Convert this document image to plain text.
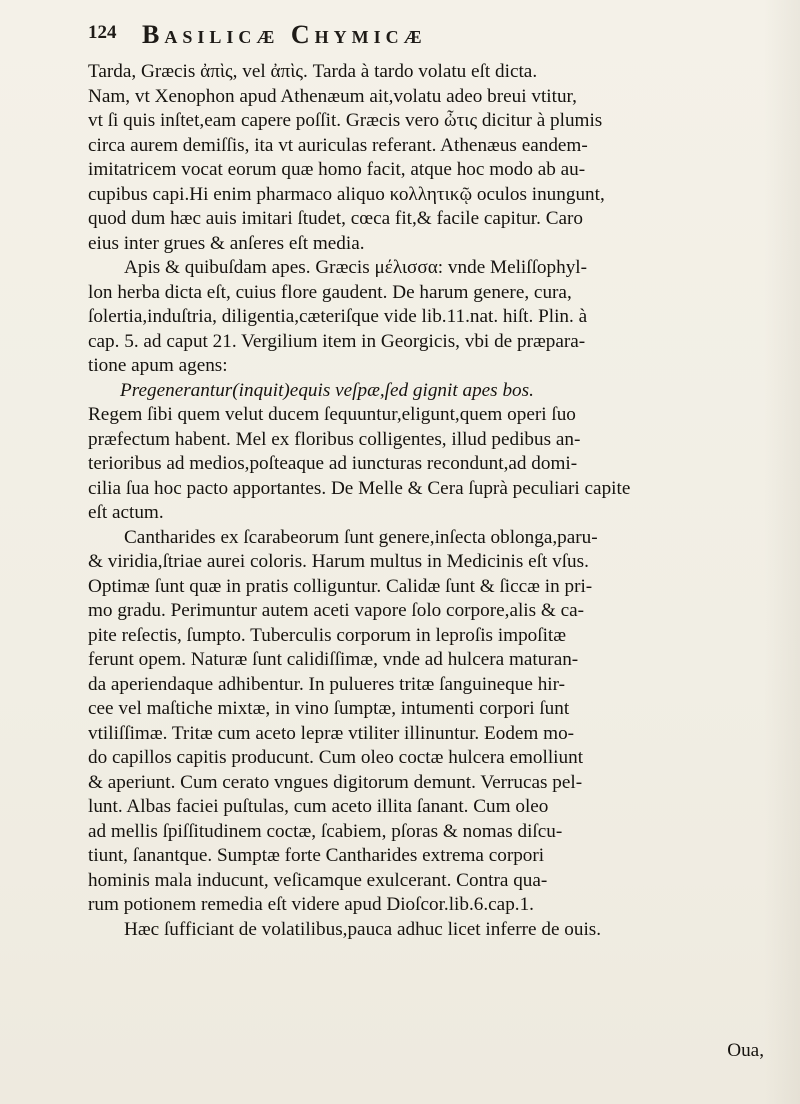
124 Basilicæ Chymicæ
Tarda, Græcis ἀπὶς, vel ἀπὶς. Tarda à tardo volatu eſt dicta.
Nam, vt Xenophon apud Athenæum ait,volatu adeo breui vtitur,
vt ſi quis inſtet,eam capere poſſit. Græcis vero ὦτις dicitur à plumis
circa aurem demiſſis, ita vt auriculas referant. Athenæus eandem-
imitatricem vocat eorum quæ homo facit, atque hoc modo ab au-
cupibus capi.Hi enim pharmaco aliquo κολλητικῷ oculos inungunt,
quod dum hæc auis imitari ſtudet, cœca fit,& facile capitur. Caro
eius inter grues & anſeres eſt media.
Apis & quibuſdam apes. Græcis μέλισσα: vnde Meliſſophyl-
lon herba dicta eſt, cuius flore gaudent. De harum genere, cura,
ſolertia,induſtria, diligentia,cæteriſque vide lib.11.nat. hiſt. Plin. à
cap. 5. ad caput 21. Vergilium item in Georgicis, vbi de præpara-
tione apum agens:
Pregenerantur(inquit)equis veſpæ,ſed gignit apes bos.
Regem ſibi quem velut ducem ſequuntur,eligunt,quem operi ſuo
præfectum habent. Mel ex floribus colligentes, illud pedibus an-
terioribus ad medios,poſteaque ad iuncturas recondunt,ad domi-
cilia ſua hoc pacto apportantes. De Melle & Cera ſuprà peculiari capite
eſt actum.
Cantharides ex ſcarabeorum ſunt genere,inſecta oblonga,paru-
& viridia,ſtriae aurei coloris. Harum multus in Medicinis eſt vſus.
Optimæ ſunt quæ in pratis colliguntur. Calidæ ſunt & ſiccæ in pri-
mo gradu. Perimuntur autem aceti vapore ſolo corpore,alis & ca-
pite reſectis, ſumpto. Tuberculis corporum in leproſis impoſitæ
ferunt opem. Naturæ ſunt calidiſſimæ, vnde ad hulcera maturan-
da aperiendaque adhibentur. In pulueres tritæ ſanguineque hir-
cee vel maſtiche mixtæ, in vino ſumptæ, intumenti corpori ſunt
vtiliſſimæ. Tritæ cum aceto lepræ vtiliter illinuntur. Eodem mo-
do capillos capitis producunt. Cum oleo coctæ hulcera emolliunt
& aperiunt. Cum cerato vngues digitorum demunt. Verrucas pel-
lunt. Albas faciei puſtulas, cum aceto illita ſanant. Cum oleo
ad mellis ſpiſſitudinem coctæ, ſcabiem, pſoras & nomas diſcu-
tiunt, ſanantque. Sumptæ forte Cantharides extrema corpori
hominis mala inducunt, veſicamque exulcerant. Contra qua-
rum potionem remedia eſt videre apud Dioſcor.lib.6.cap.1.
Hæc ſufficiant de volatilibus,pauca adhuc licet inferre de ouis.
Oua,
